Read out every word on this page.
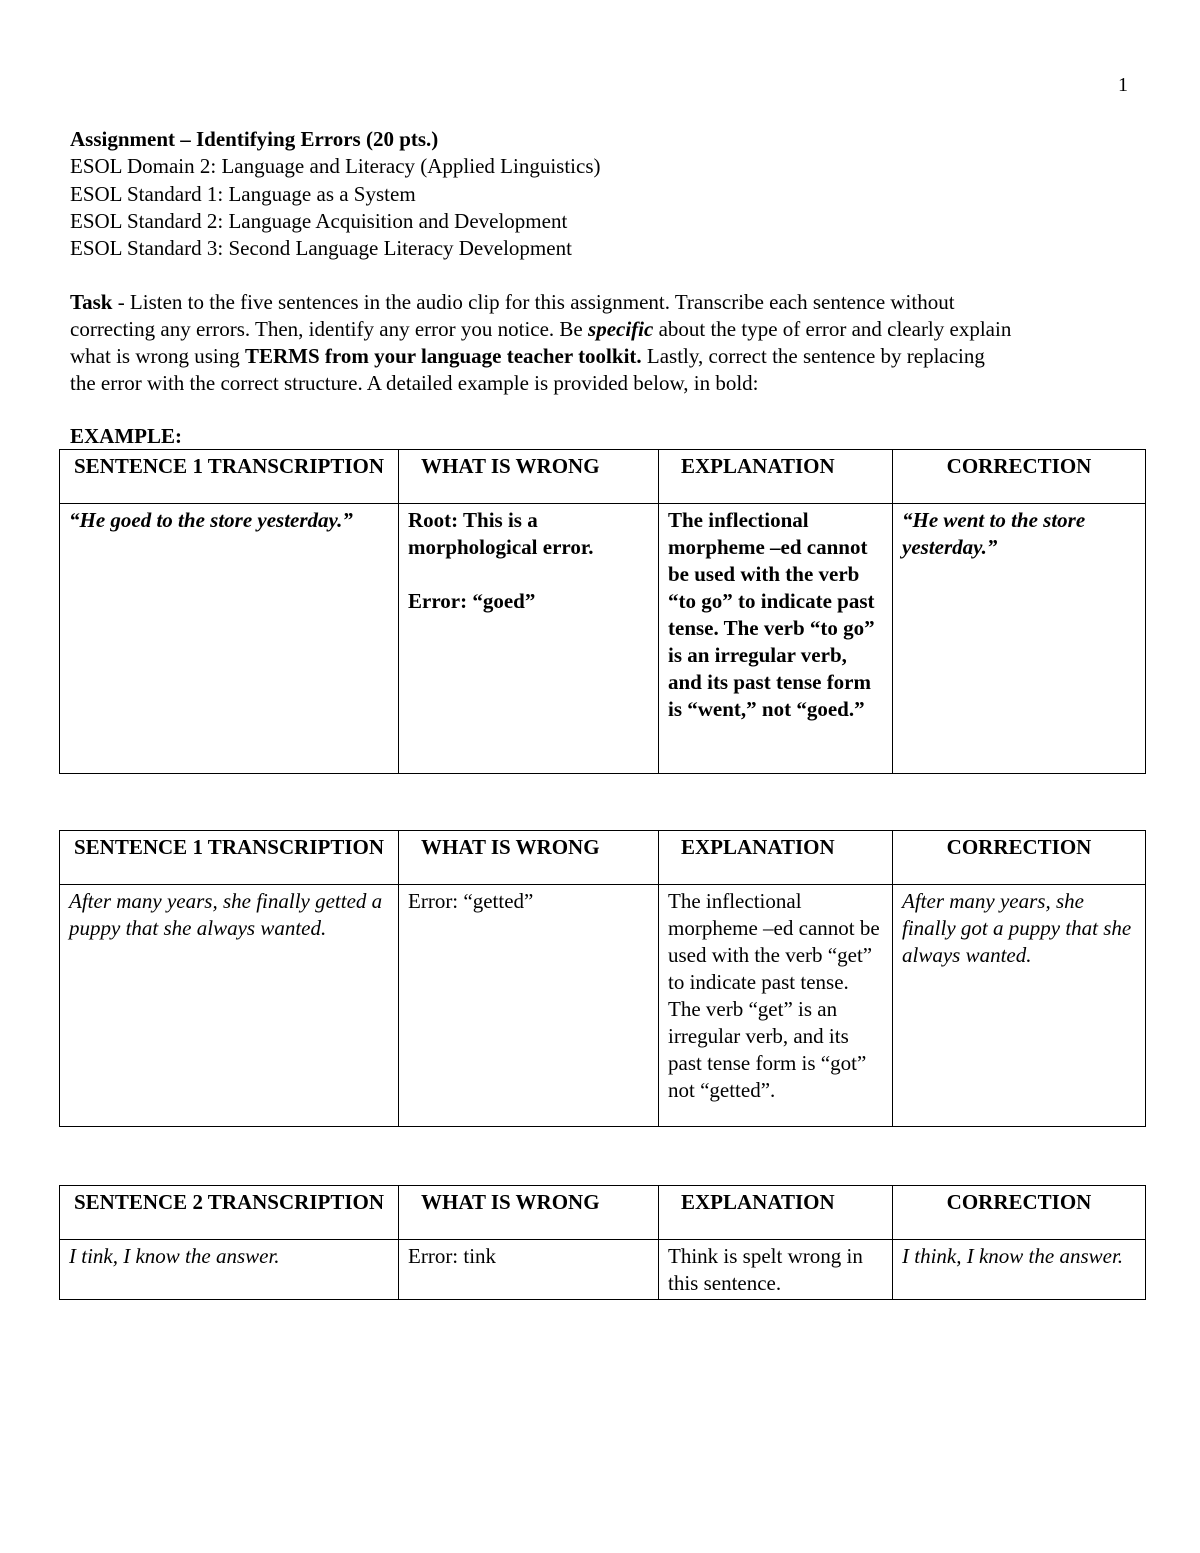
1
Assignment – Identifying Errors (20 pts.)
ESOL Domain 2: Language and Literacy (Applied Linguistics)
ESOL Standard 1: Language as a System
ESOL Standard 2: Language Acquisition and Development
ESOL Standard 3: Second Language Literacy Development
Task - Listen to the five sentences in the audio clip for this assignment. Transcribe each sentence without
correcting any errors. Then, identify any error you notice. Be specific about the type of error and clearly explain
what is wrong using TERMS from your language teacher toolkit. Lastly, correct the sentence by replacing
the error with the correct structure. A detailed example is provided below, in bold:
EXAMPLE:
SENTENCE 1 TRANSCRIPTION	WHAT IS WRONG	EXPLANATION	CORRECTION
“He goed to the store yesterday.”	Root: This is a morphological error.
Error: “goed”	The inflectional morpheme –ed cannot be used with the verb “to go” to indicate past tense. The verb “to go” is an irregular verb, and its past tense form is “went,” not “goed.”	“He went to the store yesterday.”
SENTENCE 1 TRANSCRIPTION	WHAT IS WRONG	EXPLANATION	CORRECTION
After many years, she finally getted a puppy that she always wanted.	Error: “getted”	The inflectional morpheme –ed cannot be used with the verb “get” to indicate past tense. The verb “get” is an irregular verb, and its past tense form is “got” not “getted”.	After many years, she finally got a puppy that she always wanted.
SENTENCE 2 TRANSCRIPTION	WHAT IS WRONG	EXPLANATION	CORRECTION
I tink, I know the answer.	Error: tink	Think is spelt wrong in this sentence.	I think, I know the answer.
